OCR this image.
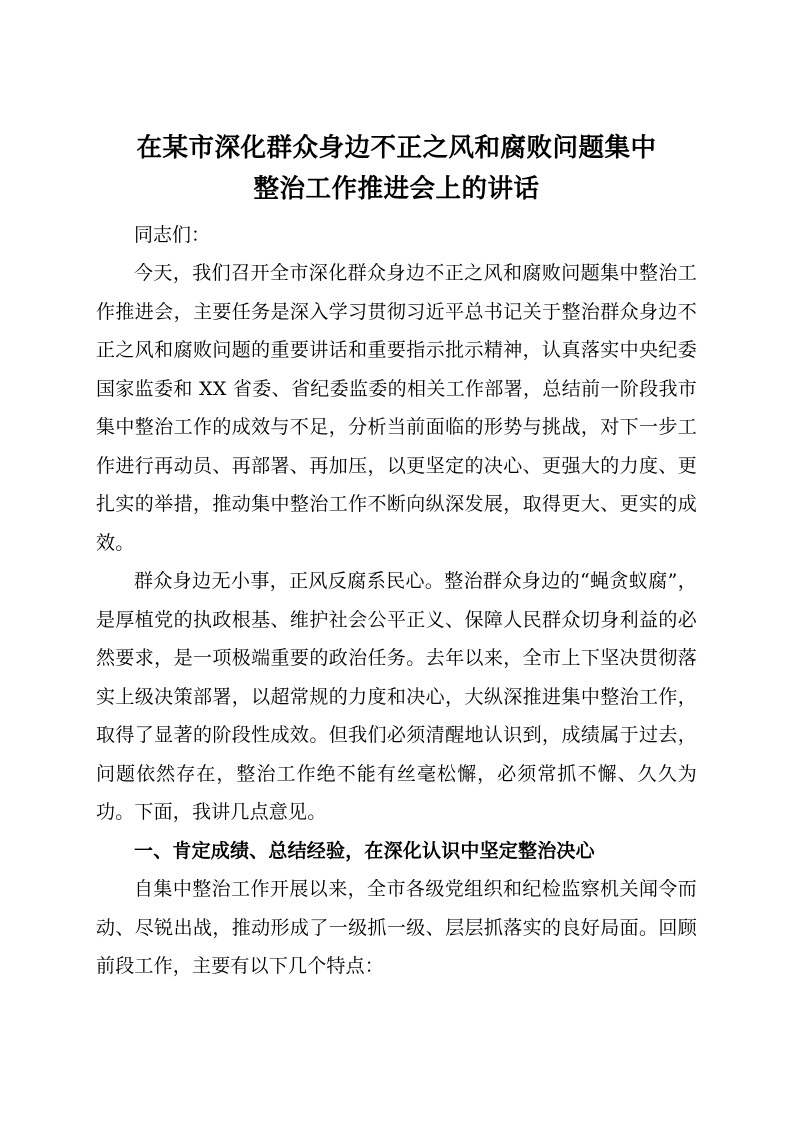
在某市深化群众身边不正之风和腐败问题集中
整治工作推进会上的讲话

同志们：

今天，我们召开全市深化群众身边不正之风和腐败问题集中整治工作推进会，主要任务是深入学习贯彻习近平总书记关于整治群众身边不正之风和腐败问题的重要讲话和重要指示批示精神，认真落实中央纪委国家监委和 XX 省委、省纪委监委的相关工作部署，总结前一阶段我市集中整治工作的成效与不足，分析当前面临的形势与挑战，对下一步工作进行再动员、再部署、再加压，以更坚定的决心、更强大的力度、更扎实的举措，推动集中整治工作不断向纵深发展，取得更大、更实的成效。

群众身边无小事，正风反腐系民心。整治群众身边的“蝇贪蚁腐”，是厚植党的执政根基、维护社会公平正义、保障人民群众切身利益的必然要求，是一项极端重要的政治任务。去年以来，全市上下坚决贯彻落实上级决策部署，以超常规的力度和决心，大纵深推进集中整治工作，取得了显著的阶段性成效。但我们必须清醒地认识到，成绩属于过去，问题依然存在，整治工作绝不能有丝毫松懈，必须常抓不懈、久久为功。下面，我讲几点意见。

一、肯定成绩、总结经验，在深化认识中坚定整治决心

自集中整治工作开展以来，全市各级党组织和纪检监察机关闻令而动、尽锐出战，推动形成了一级抓一级、层层抓落实的良好局面。回顾前段工作，主要有以下几个特点：
